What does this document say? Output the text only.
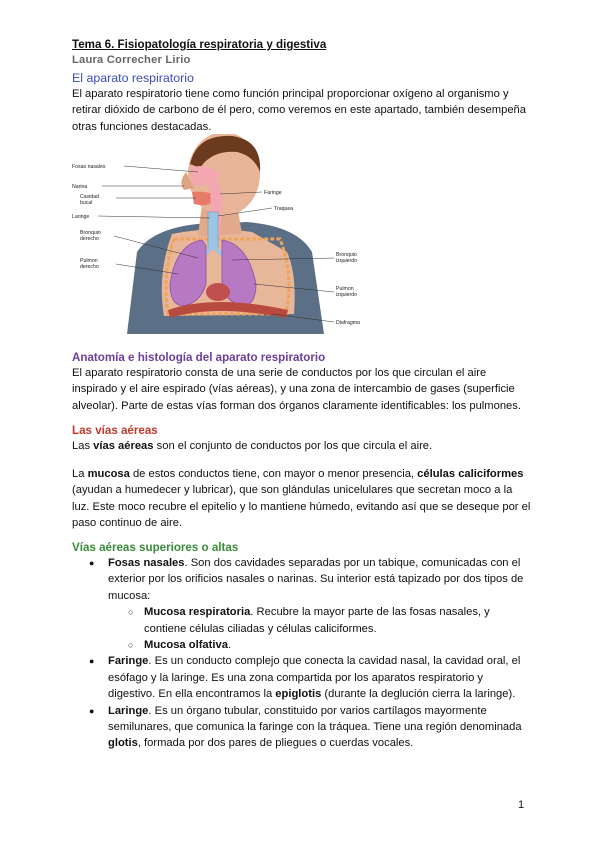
Tema 6. Fisiopatología respiratoria y digestiva
Laura Correcher Lirio
El aparato respiratorio

El aparato respiratorio tiene como función principal proporcionar oxígeno al organismo y retirar dióxido de carbono de él pero, como veremos en este apartado, también desempeña otras funciones destacadas.

Fosas nasales
Narina
Cavidad
bucal
Laringe
Bronquio
derecho
Pulmon
derecho
Faringe
Traquea
Bronquio
izquierdo
Pulmon
izquierdo
Diafragma
Anatomía e histología del aparato respiratorio

El aparato respiratorio consta de una serie de conductos por los que circulan el aire inspirado y el aire espirado (vías aéreas), y una zona de intercambio de gases (superficie alveolar). Parte de estas vías forman dos órganos claramente identificables: los pulmones.

Las vías aéreas

Las vías aéreas son el conjunto de conductos por los que circula el aire.

La mucosa de estos conductos tiene, con mayor o menor presencia, células caliciformes (ayudan a humedecer y lubricar), que son glándulas unicelulares que secretan moco a la luz. Este moco recubre el epitelio y lo mantiene húmedo, evitando así que se deseque por el paso continuo de aire.

Vías aéreas superiores o altas
● Fosas nasales. Son dos cavidades separadas por un tabique, comunicadas con el exterior por los orificios nasales o narinas. Su interior está tapizado por dos tipos de mucosa:
○ Mucosa respiratoria. Recubre la mayor parte de las fosas nasales, y contiene células ciliadas y células caliciformes.
○ Mucosa olfativa.
● Faringe. Es un conducto complejo que conecta la cavidad nasal, la cavidad oral, el esófago y la laringe. Es una zona compartida por los aparatos respiratorio y digestivo. En ella encontramos la epiglotis (durante la deglución cierra la laringe).
● Laringe. Es un órgano tubular, constituido por varios cartílagos mayormente semilunares, que comunica la faringe con la tráquea. Tiene una región denominada glotis, formada por dos pares de pliegues o cuerdas vocales.
1
